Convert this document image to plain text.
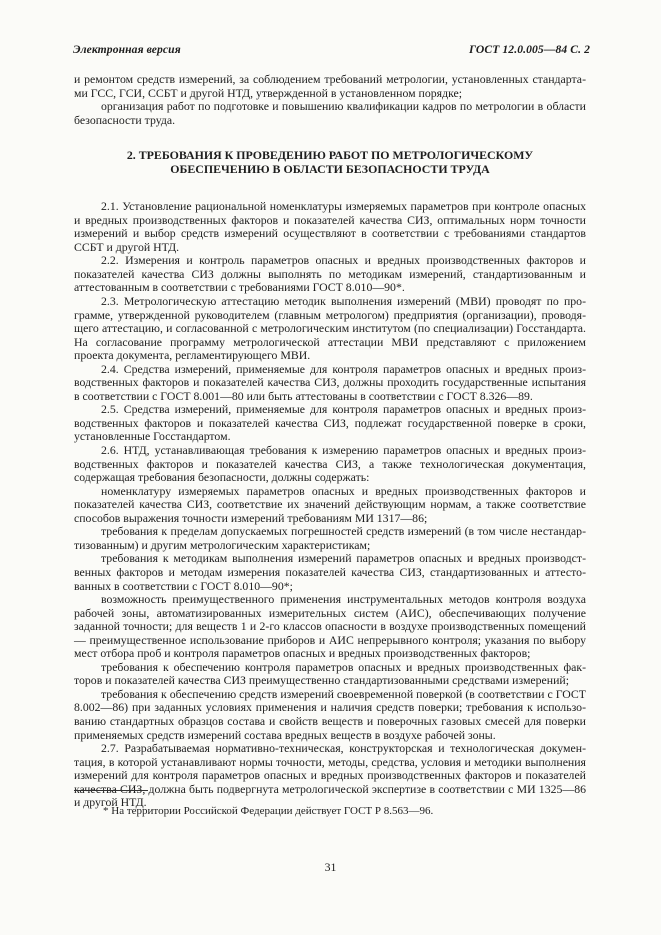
Электронная версия	ГОСТ 12.0.005—84 С. 2

и ремонтом средств измерений, за соблюдением требований метрологии, установленных стандартами ГСС, ГСИ, ССБТ и другой НТД, утвержденной в установленном порядке;

организация работ по подготовке и повышению квалификации кадров по метрологии в области безопасности труда.

2. ТРЕБОВАНИЯ К ПРОВЕДЕНИЮ РАБОТ ПО МЕТРОЛОГИЧЕСКОМУ ОБЕСПЕЧЕНИЮ В ОБЛАСТИ БЕЗОПАСНОСТИ ТРУДА

2.1. Установление рациональной номенклатуры измеряемых параметров при контроле опасных и вредных производственных факторов и показателей качества СИЗ, оптимальных норм точности измерений и выбор средств измерений осуществляют в соответствии с требованиями стандартов ССБТ и другой НТД.

2.2. Измерения и контроль параметров опасных и вредных производственных факторов и показателей качества СИЗ должны выполнять по методикам измерений, стандартизованным и аттестованным в соответствии с требованиями ГОСТ 8.010—90*.

2.3. Метрологическую аттестацию методик выполнения измерений (МВИ) проводят по программе, утвержденной руководителем (главным метрологом) предприятия (организации), проводящего аттестацию, и согласованной с метрологическим институтом (по специализации) Госстандарта. На согласование программу метрологической аттестации МВИ представляют с приложением проекта документа, регламентирующего МВИ.

2.4. Средства измерений, применяемые для контроля параметров опасных и вредных производственных факторов и показателей качества СИЗ, должны проходить государственные испытания в соответствии с ГОСТ 8.001—80 или быть аттестованы в соответствии с ГОСТ 8.326—89.

2.5. Средства измерений, применяемые для контроля параметров опасных и вредных производственных факторов и показателей качества СИЗ, подлежат государственной поверке в сроки, установленные Госстандартом.

2.6. НТД, устанавливающая требования к измерению параметров опасных и вредных производственных факторов и показателей качества СИЗ, а также технологическая документация, содержащая требования безопасности, должны содержать:

номенклатуру измеряемых параметров опасных и вредных производственных факторов и показателей качества СИЗ, соответствие их значений действующим нормам, а также соответствие способов выражения точности измерений требованиям МИ 1317—86;

требования к пределам допускаемых погрешностей средств измерений (в том числе нестандартизованным) и другим метрологическим характеристикам;

требования к методикам выполнения измерений параметров опасных и вредных производственных факторов и методам измерения показателей качества СИЗ, стандартизованных и аттестованных в соответствии с ГОСТ 8.010—90*;

возможность преимущественного применения инструментальных методов контроля воздуха рабочей зоны, автоматизированных измерительных систем (АИС), обеспечивающих получение заданной точности; для веществ 1 и 2-го классов опасности в воздухе производственных помещений — преимущественное использование приборов и АИС непрерывного контроля; указания по выбору мест отбора проб и контроля параметров опасных и вредных производственных факторов;

требования к обеспечению контроля параметров опасных и вредных производственных факторов и показателей качества СИЗ преимущественно стандартизованными средствами измерений;

требования к обеспечению средств измерений своевременной поверкой (в соответствии с ГОСТ 8.002—86) при заданных условиях применения и наличия средств поверки; требования к использованию стандартных образцов состава и свойств веществ и поверочных газовых смесей для поверки применяемых средств измерений состава вредных веществ в воздухе рабочей зоны.

2.7. Разрабатываемая нормативно-техническая, конструкторская и технологическая документация, в которой устанавливают нормы точности, методы, средства, условия и методики выполнения измерений для контроля параметров опасных и вредных производственных факторов и показателей качества СИЗ, должна быть подвергнута метрологической экспертизе в соответствии с МИ 1325—86 и другой НТД.

* На территории Российской Федерации действует ГОСТ Р 8.563—96.
31
